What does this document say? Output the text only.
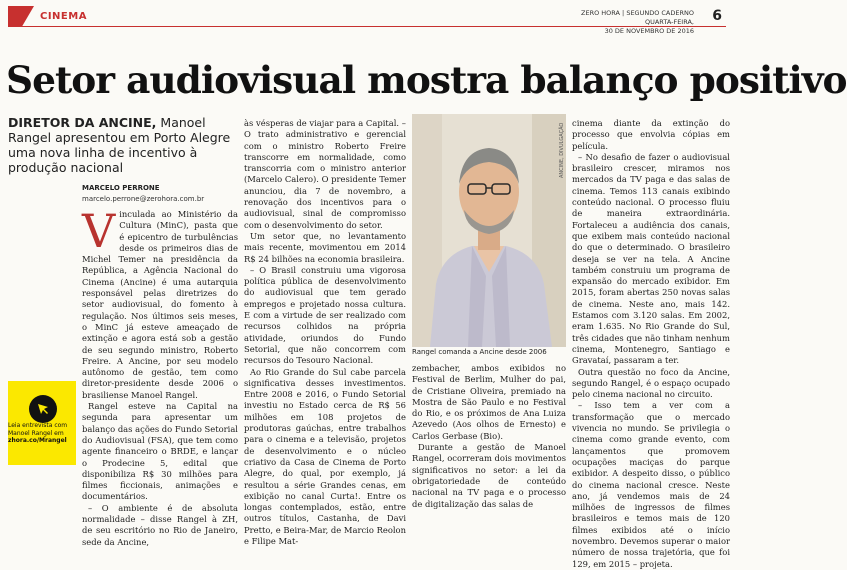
CINEMA	ZERO HORA | SEGUNDO CADERNO
QUARTA-FEIRA,
30 DE NOVEMBRO DE 2016
6
Setor audiovisual mostra balanço positivo
DIRETOR DA ANCINE, Manoel Rangel apresentou em Porto Alegre uma nova linha de incentivo à produção nacional
MARCELO PERRONE
marcelo.perrone@zerohora.com.br

Vinculada ao Ministério da Cultura (MinC), pasta que é epicentro de turbulências desde os primeiros dias de Michel Temer na presidência da República, a Agência Nacional do Cinema (Ancine) é uma autarquia responsável pelas diretrizes do setor audiovisual, do fomento à regulação. Nos últimos seis meses, o MinC já esteve ameaçado de extinção e agora está sob a gestão de seu segundo ministro, Roberto Freire. A Ancine, por seu modelo autônomo de gestão, tem como diretor-presidente desde 2006 o brasiliense Manoel Rangel.

Rangel esteve na Capital na segunda para apresentar um balanço das ações do Fundo Setorial do Audiovisual (FSA), que tem como agente financeiro o BRDE, e lançar o Prodecine 5, edital que disponibiliza R$ 30 milhões para filmes ficcionais, animações e documentários.

– O ambiente é de absoluta normalidade – disse Rangel à ZH, de seu escritório no Rio de Janeiro, sede da Ancine,

às vésperas de viajar para a Capital. – O trato administrativo e gerencial com o ministro Roberto Freire transcorre em normalidade, como transcorria com o ministro anterior (Marcelo Calero). O presidente Temer anunciou, dia 7 de novembro, a renovação dos incentivos para o audiovisual, sinal de compromisso com o desenvolvimento do setor.

Um setor que, no levantamento mais recente, movimentou em 2014 R$ 24 bilhões na economia brasileira.

– O Brasil construiu uma vigorosa política pública de desenvolvimento do audiovisual que tem gerado empregos e projetado nossa cultura. E com a virtude de ser realizado com recursos colhidos na própria atividade, oriundos do Fundo Setorial, que não concorrem com recursos do Tesouro Nacional.

Ao Rio Grande do Sul cabe parcela significativa desses investimentos. Entre 2008 e 2016, o Fundo Setorial investiu no Estado cerca de R$ 56 milhões em 108 projetos de produtoras gaúchas, entre trabalhos para o cinema e a televisão, projetos de desenvolvimento e o núcleo criativo da Casa de Cinema de Porto Alegre, do qual, por exemplo, já resultou a série Grandes cenas, em exibição no canal Curta!. Entre os longas contemplados, estão, entre outros títulos, Castanha, de Davi Pretto, e Beira-Mar, de Marcio Reolon e Filipe Mat-

ANCINE, DIVULGAÇÃO
Rangel comanda a Ancine desde 2006

zembacher, ambos exibidos no Festival de Berlim, Mulher do pai, de Cristiane Oliveira, premiado na Mostra de São Paulo e no Festival do Rio, e os próximos de Ana Luiza Azevedo (Aos olhos de Ernesto) e Carlos Gerbase (Bio).

Durante a gestão de Manoel Rangel, ocorreram dois movimentos significativos no setor: a lei da obrigatoriedade de conteúdo nacional na TV paga e o processo de digitalização das salas de

cinema diante da extinção do processo que envolvia cópias em película.

– No desafio de fazer o audiovisual brasileiro crescer, miramos nos mercados da TV paga e das salas de cinema. Temos 113 canais exibindo conteúdo nacional. O processo fluiu de maneira extraordinária. Fortaleceu a audiência dos canais, que exibem mais conteúdo nacional do que o determinado. O brasileiro deseja se ver na tela. A Ancine também construiu um programa de expansão do mercado exibidor. Em 2015, foram abertas 250 novas salas de cinema. Neste ano, mais 142. Estamos com 3.120 salas. Em 2002, eram 1.635. No Rio Grande do Sul, três cidades que não tinham nenhum cinema, Montenegro, Santiago e Gravataí, passaram a ter.

Outra questão no foco da Ancine, segundo Rangel, é o espaço ocupado pelo cinema nacional no circuito.

– Isso tem a ver com a transformação que o mercado vivencia no mundo. Se privilegia o cinema como grande evento, com lançamentos que promovem ocupações maciças do parque exibidor. A despeito disso, o público do cinema nacional cresce. Neste ano, já vendemos mais de 24 milhões de ingressos de filmes brasileiros e temos mais de 120 filmes exibidos até o início novembro. Devemos superar o maior número de nossa trajetória, que foi 129, em 2015 – projeta.

Leia entrevista com
Manoel Rangel em
zhora.co/Mrangel
